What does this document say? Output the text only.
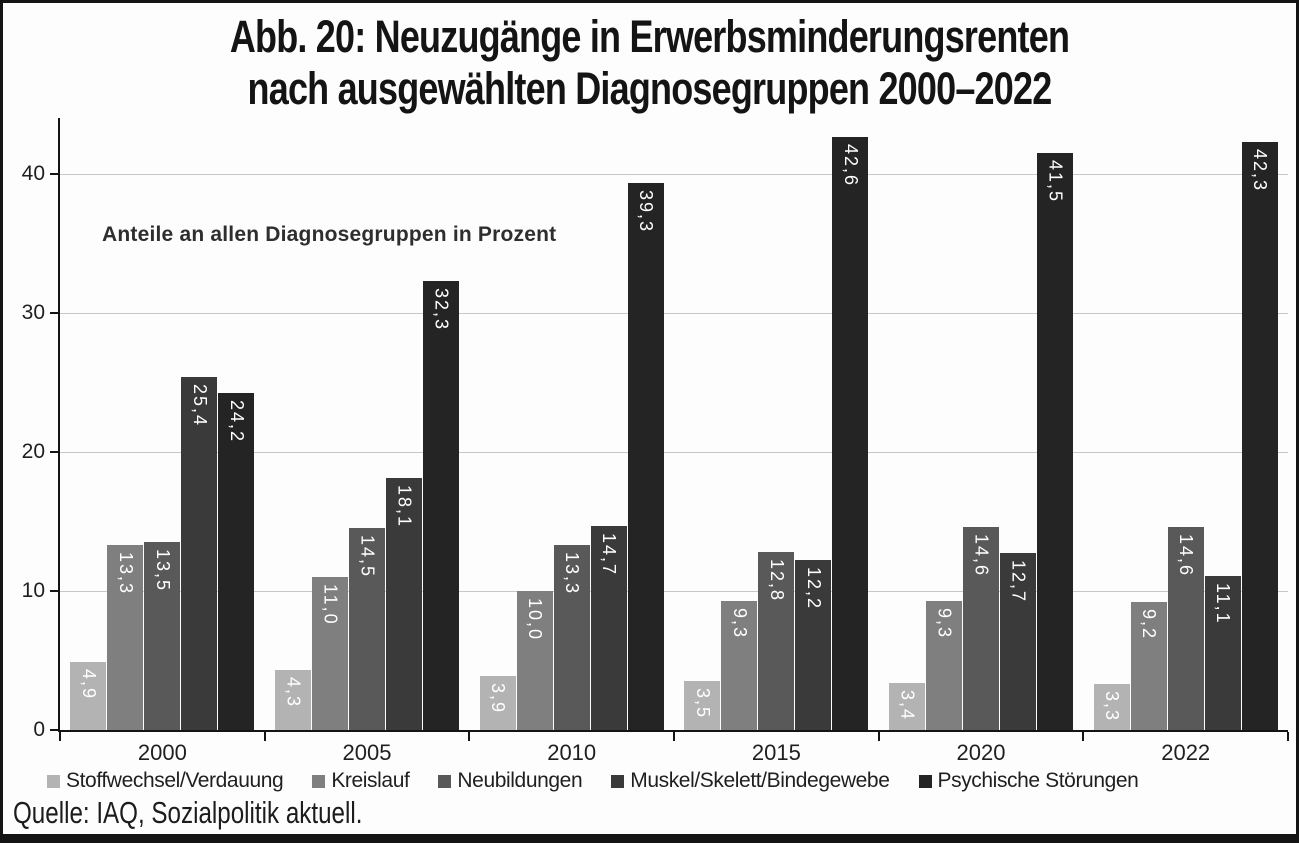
Abb. 20: Neuzugänge in Erwerbsminderungsrenten
nach ausgewählten Diagnosegruppen 2000–2022
Anteile an allen Diagnosegruppen in Prozent
0
10
20
30
40
4,9
13,3 13,5
25,4 24,2
4,3
11,0
14,5
18,1
32,3
3,9
10,0
13,3 14,7
39,3
3,5
9,3
12,8 12,2
42,6
3,4
9,3
14,6
12,7
41,5
3,3
9,2
14,6
11,1
42,3
2000	2005	2010	2015	2020	2022
Stoffwechsel/Verdauung Kreislauf Neubildungen Muskel/Skelett/Bindegewebe Psychische Störungen
Quelle: IAQ, Sozialpolitik aktuell.
